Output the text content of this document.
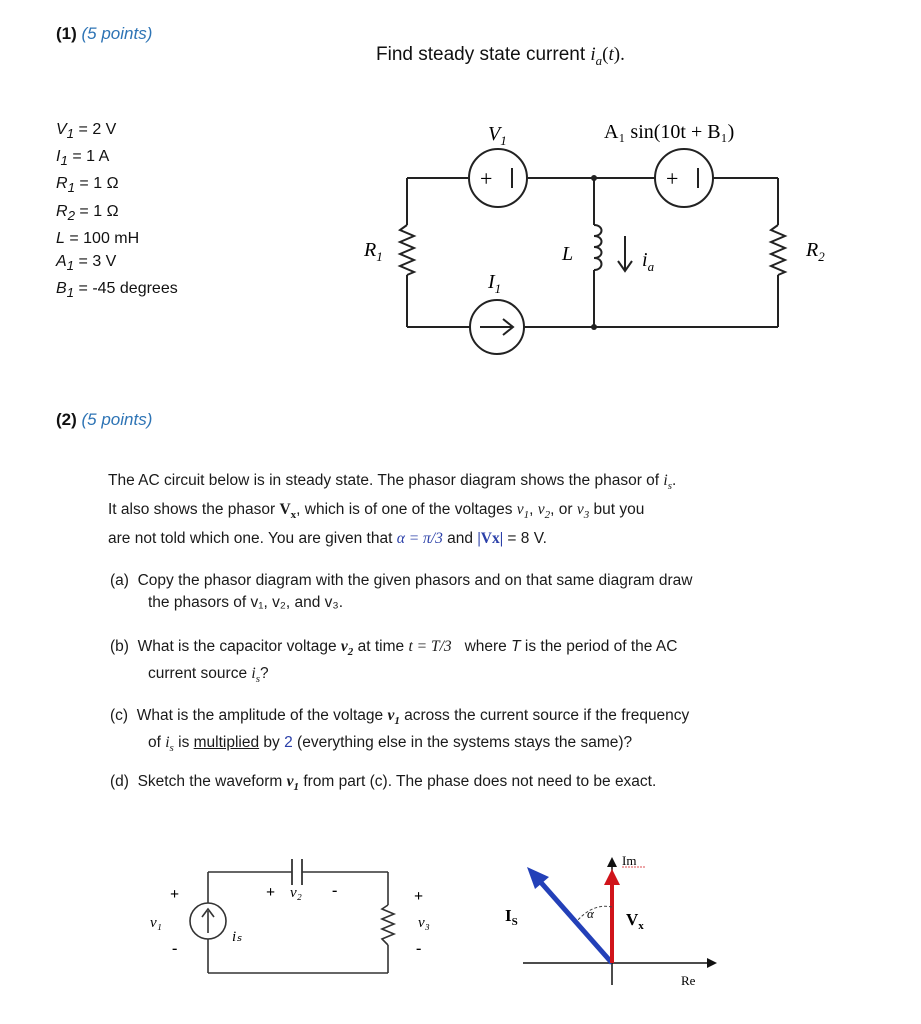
(1) (5 points)
Find steady state current $i_a(t)$.
$V_1 = 2$ V
$I_1 = 1$ A
$R_1 = 1$ Ω
$R_2 = 1$ Ω
L = 100 mH
$A_1 = 3$ V
$B_1 = -45$ degrees
+
$V_1$
+
A₁ sin(10t + B₁)
$I_1$
$R_1$	$R_2$
L	$i_a$
(2) (5 points)
The AC circuit below is in steady state. The phasor diagram shows the phasor of $i_s$.
It also shows the phasor $V_x$, which is of one of the voltages $v_1$, $v_2$, or $v_3$ but you
are not told which one. You are given that α = π/3 and |Vx| = 8 V.
(a) Copy the phasor diagram with the given phasors and on that same diagram draw
the phasors of v₁, v₂, and v₃.
(b) What is the capacitor voltage $v_2$ at time t = T/3   where T is the period of the AC
current source $i_s$?
(c) What is the amplitude of the voltage $v_1$ across the current source if the frequency
of $i_s$ is multiplied by 2 (everything else in the systems stays the same)?
(d) Sketch the waveform $v_1$ from part (c). The phase does not need to be exact.
+
v₁
-
iₛ
+ v₂ -	+
v₃
-
Re
Im
α
$I_S$	$V_x$
